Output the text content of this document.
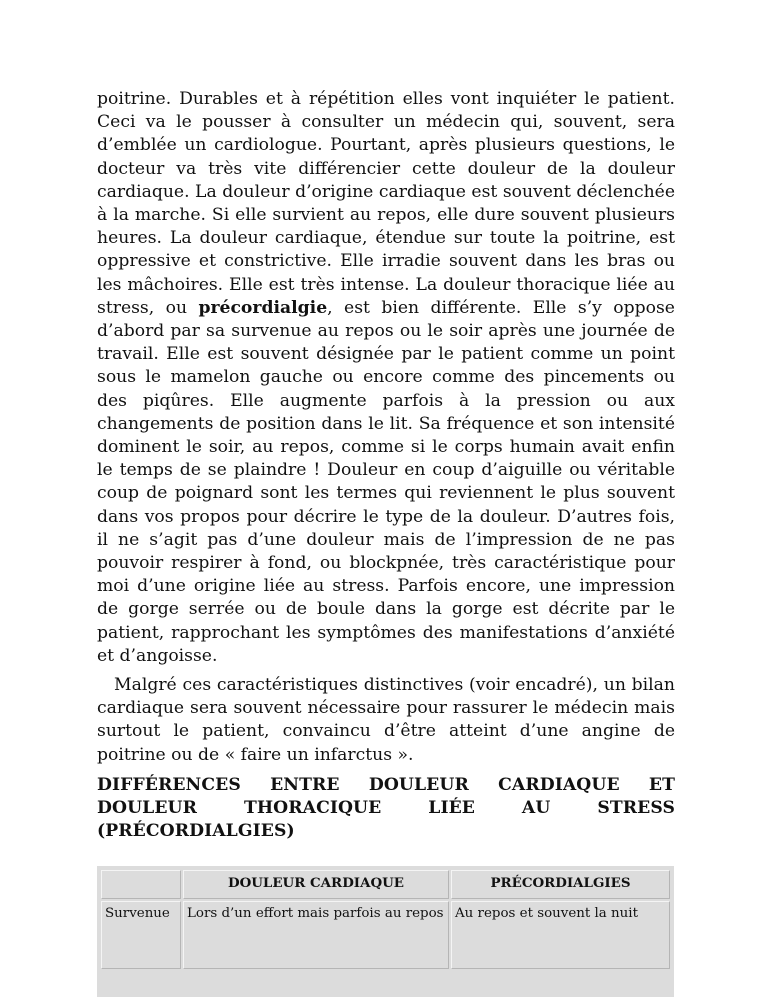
poitrine. Durables et à répétition elles vont inquiéter le patient. Ceci va le pousser à consulter un médecin qui, souvent, sera d’emblée un cardiologue. Pourtant, après plusieurs questions, le docteur va très vite différencier cette douleur de la douleur cardiaque. La douleur d’origine cardiaque est souvent déclenchée à la marche. Si elle survient au repos, elle dure souvent plusieurs heures. La douleur cardiaque, étendue sur toute la poitrine, est oppressive et constrictive. Elle irradie souvent dans les bras ou les mâchoires. Elle est très intense. La douleur thoracique liée au stress, ou précordialgie, est bien différente. Elle s’y oppose d’abord par sa survenue au repos ou le soir après une journée de travail. Elle est souvent désignée par le patient comme un point sous le mamelon gauche ou encore comme des pincements ou des piqûres. Elle augmente parfois à la pression ou aux changements de position dans le lit. Sa fréquence et son intensité dominent le soir, au repos, comme si le corps humain avait enfin le temps de se plaindre ! Douleur en coup d’aiguille ou véritable coup de poignard sont les termes qui reviennent le plus souvent dans vos propos pour décrire le type de la douleur. D’autres fois, il ne s’agit pas d’une douleur mais de l’impression de ne pas pouvoir respirer à fond, ou blockpnée, très caractéristique pour moi d’une origine liée au stress. Parfois encore, une impression de gorge serrée ou de boule dans la gorge est décrite par le patient, rapprochant les symptômes des manifestations d’anxiété et d’angoisse.

Malgré ces caractéristiques distinctives (voir encadré), un bilan cardiaque sera souvent nécessaire pour rassurer le médecin mais surtout le patient, convaincu d’être atteint d’une angine de poitrine ou de « faire un infarctus ».

DIFFÉRENCES ENTRE DOULEUR CARDIAQUE ET DOULEUR THORACIQUE LIÉE AU STRESS (PRÉCORDIALGIES)
	DOULEUR CARDIAQUE	PRÉCORDIALGIES
Survenue	Lors d’un effort mais parfois au repos	Au repos et souvent la nuit
